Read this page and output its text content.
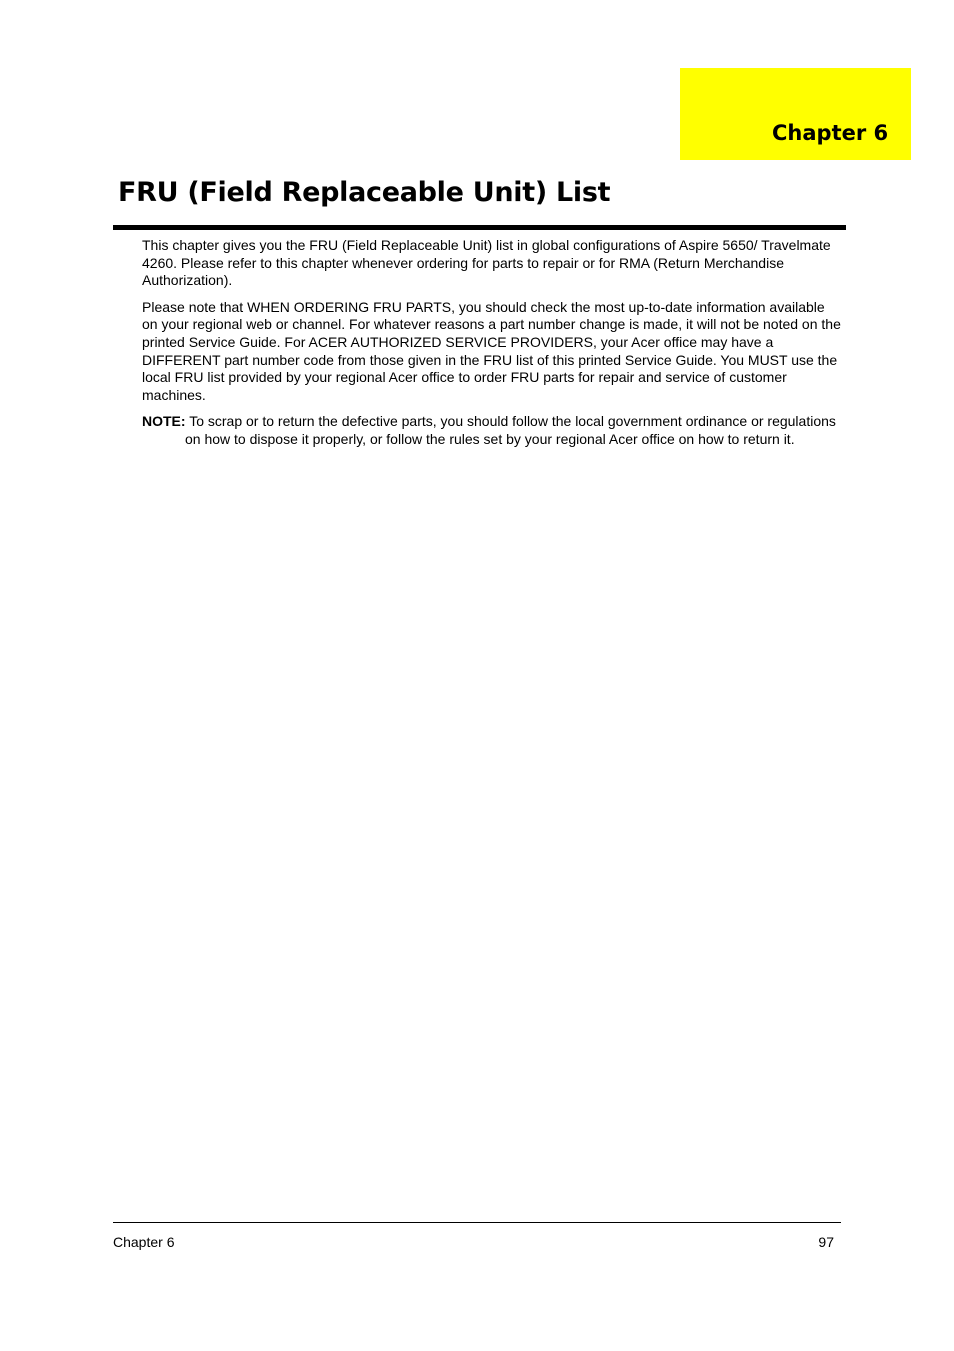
Chapter 6
FRU (Field Replaceable Unit) List

This chapter gives you the FRU (Field Replaceable Unit) list in global configurations of Aspire 5650/ Travelmate 4260. Please refer to this chapter whenever ordering for parts to repair or for RMA (Return Merchandise Authorization).

Please note that WHEN ORDERING FRU PARTS, you should check the most up-to-date information available on your regional web or channel. For whatever reasons a part number change is made, it will not be noted on the printed Service Guide. For ACER AUTHORIZED SERVICE PROVIDERS, your Acer office may have a DIFFERENT part number code from those given in the FRU list of this printed Service Guide. You MUST use the local FRU list provided by your regional Acer office to order FRU parts for repair and service of customer machines.

NOTE: To scrap or to return the defective parts, you should follow the local government ordinance or regulations on how to dispose it properly, or follow the rules set by your regional Acer office on how to return it.

Chapter 6	97
